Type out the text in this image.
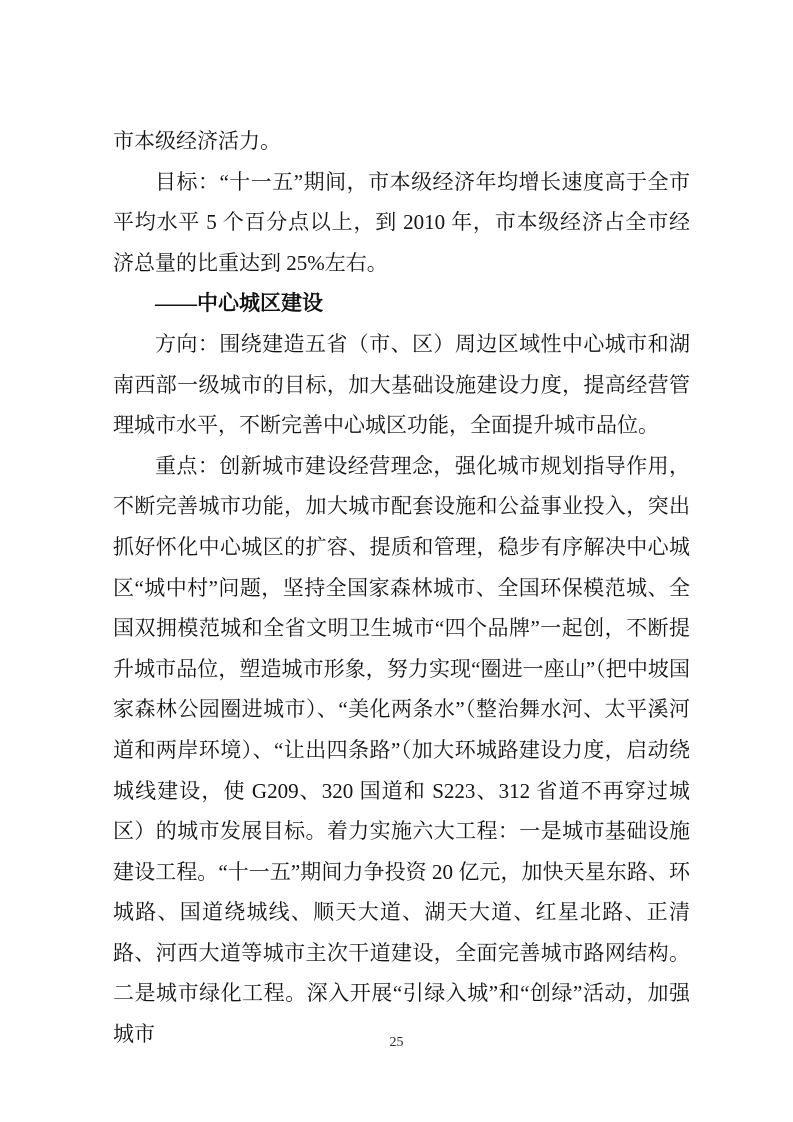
市本级经济活力。

目标：“十一五”期间，市本级经济年均增长速度高于全市平均水平 5 个百分点以上，到 2010 年，市本级经济占全市经济总量的比重达到 25%左右。

——中心城区建设

方向：围绕建造五省（市、区）周边区域性中心城市和湖南西部一级城市的目标，加大基础设施建设力度，提高经营管理城市水平，不断完善中心城区功能，全面提升城市品位。

重点：创新城市建设经营理念，强化城市规划指导作用，不断完善城市功能，加大城市配套设施和公益事业投入，突出抓好怀化中心城区的扩容、提质和管理，稳步有序解决中心城区“城中村”问题，坚持全国家森林城市、全国环保模范城、全国双拥模范城和全省文明卫生城市“四个品牌”一起创，不断提升城市品位，塑造城市形象，努力实现“圈进一座山”（把中坡国家森林公园圈进城市）、“美化两条水”（整治舞水河、太平溪河道和两岸环境）、“让出四条路”（加大环城路建设力度，启动绕城线建设，使 G209、320 国道和 S223、312 省道不再穿过城区）的城市发展目标。着力实施六大工程：一是城市基础设施建设工程。“十一五”期间力争投资 20 亿元，加快天星东路、环城路、国道绕城线、顺天大道、湖天大道、红星北路、正清路、河西大道等城市主次干道建设，全面完善城市路网结构。二是城市绿化工程。深入开展“引绿入城”和“创绿”活动，加强城市	25
